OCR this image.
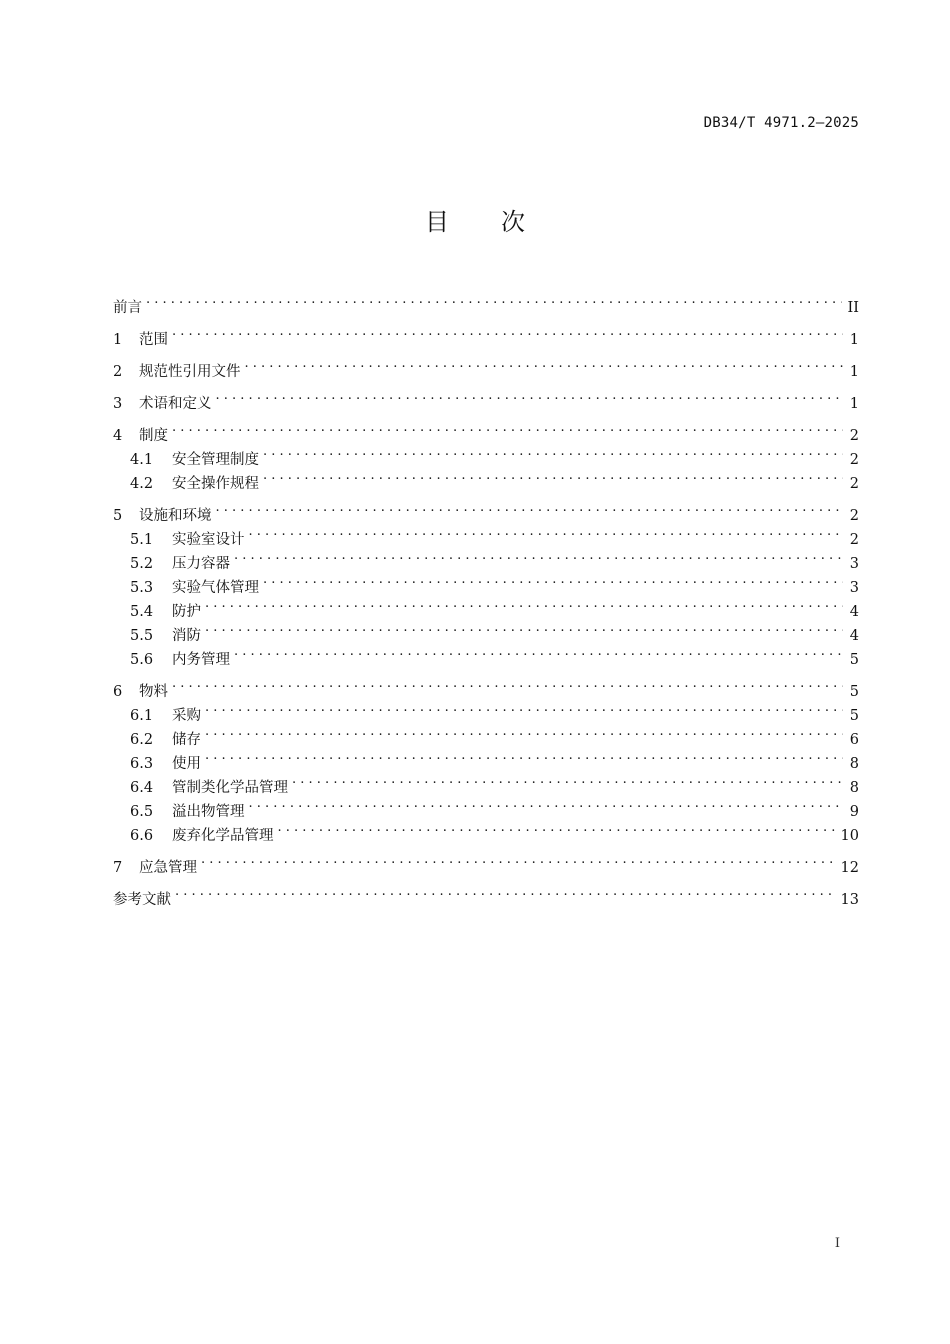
DB34/T 4971.2—2025
目 次
前言 . . .	II
1	范围 . . .	1
2	规范性引用文件 . . .	1
3	术语和定义 . . .	1
4	制度 . . .	2
4.1	安全管理制度 . . .	2
4.2	安全操作规程 . . .	2
5	设施和环境 . . .	2
5.1	实验室设计 . . .	2
5.2	压力容器 . . .	3
5.3	实验气体管理 . . .	3
5.4	防护 . . .	4
5.5	消防 . . .	4
5.6	内务管理 . . .	5
6	物料 . . .	5
6.1	采购 . . .	5
6.2	储存 . . .	6
6.3	使用 . . .	8
6.4	管制类化学品管理 . . .	8
6.5	溢出物管理 . . .	9
6.6	废弃化学品管理 . . .	10
7	应急管理 . . .	12
参考文献 . . .	13
I
